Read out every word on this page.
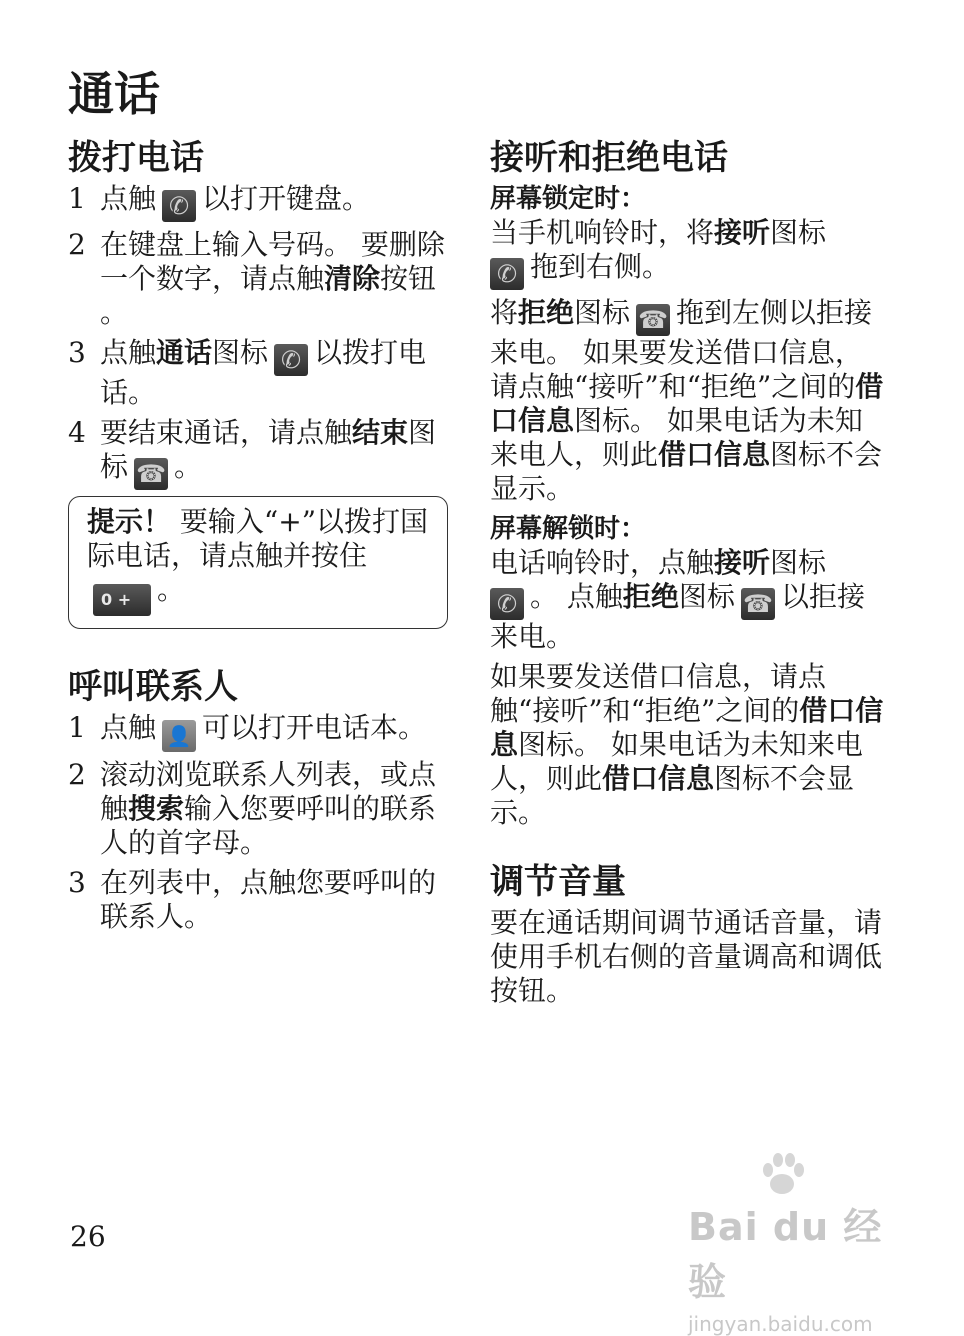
通话
拨打电话
1 点触 ✆ 以打开键盘。
2 在键盘上输入号码。 要删除一个数字，请点触清除按钮 。
3 点触通话图标 ✆ 以拨打电话。
4 要结束通话，请点触结束图标 ☎ 。
提示！ 要输入“+”以拨打国际电话，请点触并按住0 + 。
呼叫联系人
1 点触 👤 可以打开电话本。
2 滚动浏览联系人列表，或点触搜索输入您要呼叫的联系人的首字母。
3 在列表中，点触您要呼叫的联系人。
接听和拒绝电话
屏幕锁定时：

当手机响铃时，将接听图标
✆ 拖到右侧。

将拒绝图标 ☎ 拖到左侧以拒接来电。 如果要发送借口信息，请点触“接听”和“拒绝”之间的借口信息图标。 如果电话为未知来电人，则此借口信息图标不会显示。

屏幕解锁时：

电话响铃时，点触接听图标
✆ 。 点触拒绝图标 ☎ 以拒接来电。

如果要发送借口信息，请点触“接听”和“拒绝”之间的借口信息图标。 如果电话为未知来电人，则此借口信息图标不会显示。

调节音量

要在通话期间调节通话音量，请使用手机右侧的音量调高和调低按钮。

26	Bai du 经验
jingyan.baidu.com
